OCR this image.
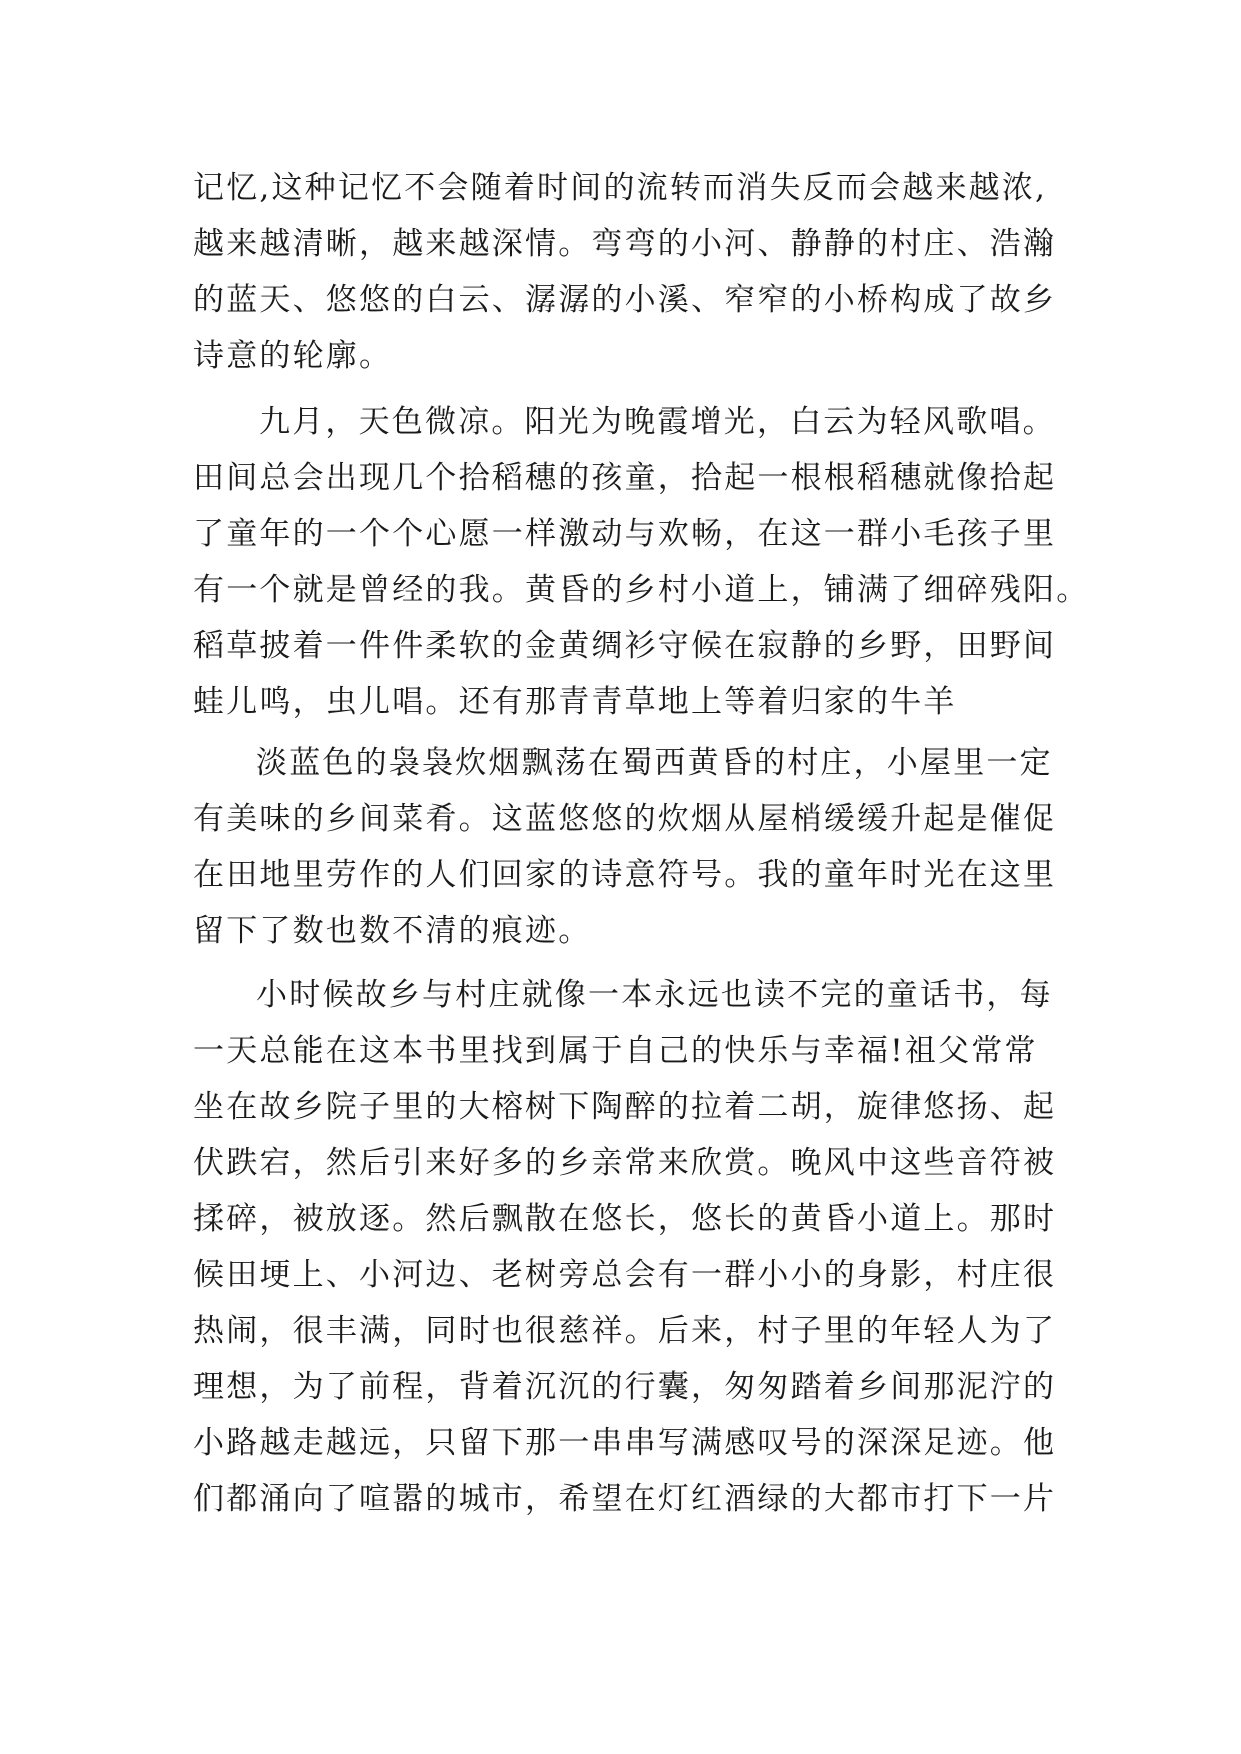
记忆,这种记忆不会随着时间的流转而消失反而会越来越浓,
越来越清晰，越来越深情。弯弯的小河、静静的村庄、浩瀚
的蓝天、悠悠的白云、潺潺的小溪、窄窄的小桥构成了故乡
诗意的轮廓。
九月，天色微凉。阳光为晚霞增光，白云为轻风歌唱。
田间总会出现几个拾稻穗的孩童，拾起一根根稻穗就像拾起
了童年的一个个心愿一样激动与欢畅，在这一群小毛孩子里
有一个就是曾经的我。黄昏的乡村小道上，铺满了细碎残阳。
稻草披着一件件柔软的金黄绸衫守候在寂静的乡野，田野间
蛙儿鸣，虫儿唱。还有那青青草地上等着归家的牛羊
淡蓝色的袅袅炊烟飘荡在蜀西黄昏的村庄，小屋里一定
有美味的乡间菜肴。这蓝悠悠的炊烟从屋梢缓缓升起是催促
在田地里劳作的人们回家的诗意符号。我的童年时光在这里
留下了数也数不清的痕迹。
小时候故乡与村庄就像一本永远也读不完的童话书，每
一天总能在这本书里找到属于自己的快乐与幸福!祖父常常
坐在故乡院子里的大榕树下陶醉的拉着二胡，旋律悠扬、起
伏跌宕，然后引来好多的乡亲常来欣赏。晚风中这些音符被
揉碎，被放逐。然后飘散在悠长，悠长的黄昏小道上。那时
候田埂上、小河边、老树旁总会有一群小小的身影，村庄很
热闹，很丰满，同时也很慈祥。后来，村子里的年轻人为了
理想，为了前程，背着沉沉的行囊，匆匆踏着乡间那泥泞的
小路越走越远，只留下那一串串写满感叹号的深深足迹。他
们都涌向了喧嚣的城市，希望在灯红酒绿的大都市打下一片
